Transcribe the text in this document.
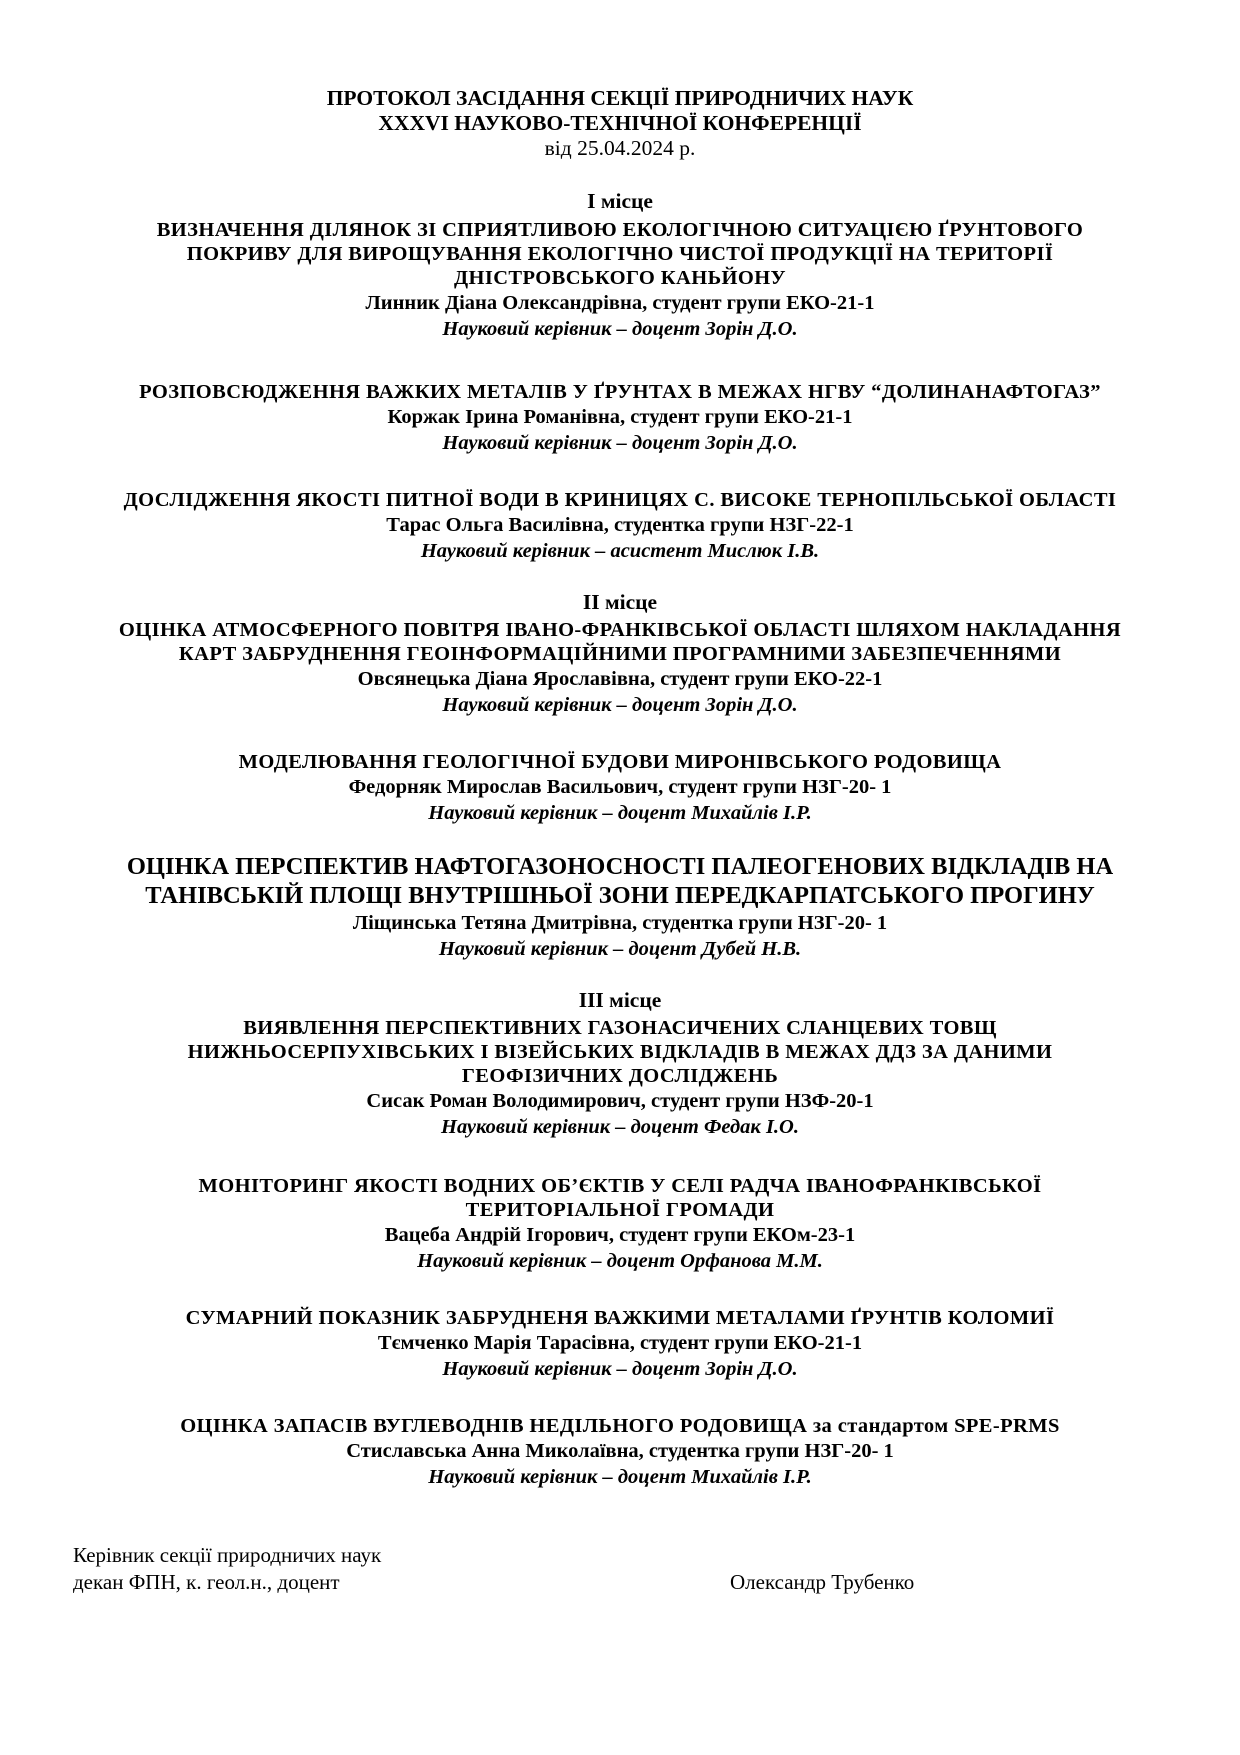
ПРОТОКОЛ ЗАСІДАННЯ СЕКЦІЇ ПРИРОДНИЧИХ НАУК
XXXVI НАУКОВО-ТЕХНІЧНОЇ КОНФЕРЕНЦІЇ
від 25.04.2024 р.
І місце
ВИЗНАЧЕННЯ ДІЛЯНОК ЗІ СПРИЯТЛИВОЮ ЕКОЛОГІЧНОЮ СИТУАЦІЄЮ ҐРУНТОВОГО
ПОКРИВУ ДЛЯ ВИРОЩУВАННЯ ЕКОЛОГІЧНО ЧИСТОЇ ПРОДУКЦІЇ НА ТЕРИТОРІЇ
ДНІСТРОВСЬКОГО КАНЬЙОНУ
Линник Діана Олександрівна, студент групи ЕКО-21-1
Науковий керівник – доцент Зорін Д.О.
РОЗПОВСЮДЖЕННЯ ВАЖКИХ МЕТАЛІВ У ҐРУНТАХ В МЕЖАХ НГВУ “ДОЛИНАНАФТОГАЗ”
Коржак Ірина Романівна, студент групи ЕКО-21-1
Науковий керівник – доцент Зорін Д.О.
ДОСЛІДЖЕННЯ ЯКОСТІ ПИТНОЇ ВОДИ В КРИНИЦЯХ С. ВИСОКЕ ТЕРНОПІЛЬСЬКОЇ ОБЛАСТІ
Тарас Ольга Василівна, студентка групи НЗГ-22-1
Науковий керівник – асистент Мислюк І.В.
ІІ місце
ОЦІНКА АТМОСФЕРНОГО ПОВІТРЯ ІВАНО-ФРАНКІВСЬКОЇ ОБЛАСТІ ШЛЯХОМ НАКЛАДАННЯ
КАРТ ЗАБРУДНЕННЯ ГЕОІНФОРМАЦІЙНИМИ ПРОГРАМНИМИ ЗАБЕЗПЕЧЕННЯМИ
Овсянецька Діана Ярославівна, студент групи ЕКО-22-1
Науковий керівник – доцент Зорін Д.О.
МОДЕЛЮВАННЯ ГЕОЛОГІЧНОЇ БУДОВИ МИРОНІВСЬКОГО РОДОВИЩА
Федорняк Мирослав Васильович, студент групи НЗГ-20- 1
Науковий керівник – доцент Михайлів І.Р.
ОЦІНКА ПЕРСПЕКТИВ НАФТОГАЗОНОСНОСТІ ПАЛЕОГЕНОВИХ ВІДКЛАДІВ НА
ТАНІВСЬКІЙ ПЛОЩІ ВНУТРІШНЬОЇ ЗОНИ ПЕРЕДКАРПАТСЬКОГО ПРОГИНУ
Ліщинська Тетяна Дмитрівна, студентка групи НЗГ-20- 1
Науковий керівник – доцент Дубей Н.В.
ІІІ місце
ВИЯВЛЕННЯ ПЕРСПЕКТИВНИХ ГАЗОНАСИЧЕНИХ СЛАНЦЕВИХ ТОВЩ
НИЖНЬОСЕРПУХІВСЬКИХ І ВІЗЕЙСЬКИХ ВІДКЛАДІВ В МЕЖАХ ДДЗ ЗА ДАНИМИ
ГЕОФІЗИЧНИХ ДОСЛІДЖЕНЬ
Сисак Роман Володимирович, студент групи НЗФ-20-1
Науковий керівник – доцент Федак І.О.
МОНІТОРИНГ ЯКОСТІ ВОДНИХ ОБ’ЄКТІВ У СЕЛІ РАДЧА ІВАНОФРАНКІВСЬКОЇ
ТЕРИТОРІАЛЬНОЇ ГРОМАДИ
Вацеба Андрій Ігорович, студент групи ЕКОм-23-1
Науковий керівник – доцент Орфанова М.М.
СУМАРНИЙ ПОКАЗНИК ЗАБРУДНЕНЯ ВАЖКИМИ МЕТАЛАМИ ҐРУНТІВ КОЛОМИЇ
Тємченко Марія Тарасівна, студент групи ЕКО-21-1
Науковий керівник – доцент Зорін Д.О.
ОЦІНКА ЗАПАСІВ ВУГЛЕВОДНІВ НЕДІЛЬНОГО РОДОВИЩА за стандартом SPE-PRMS
Стиславська Анна Миколаївна, студентка групи НЗГ-20- 1
Науковий керівник – доцент Михайлів І.Р.
Керівник секції природничих наук
декан ФПН, к. геол.н., доцент	Олександр Трубенко
